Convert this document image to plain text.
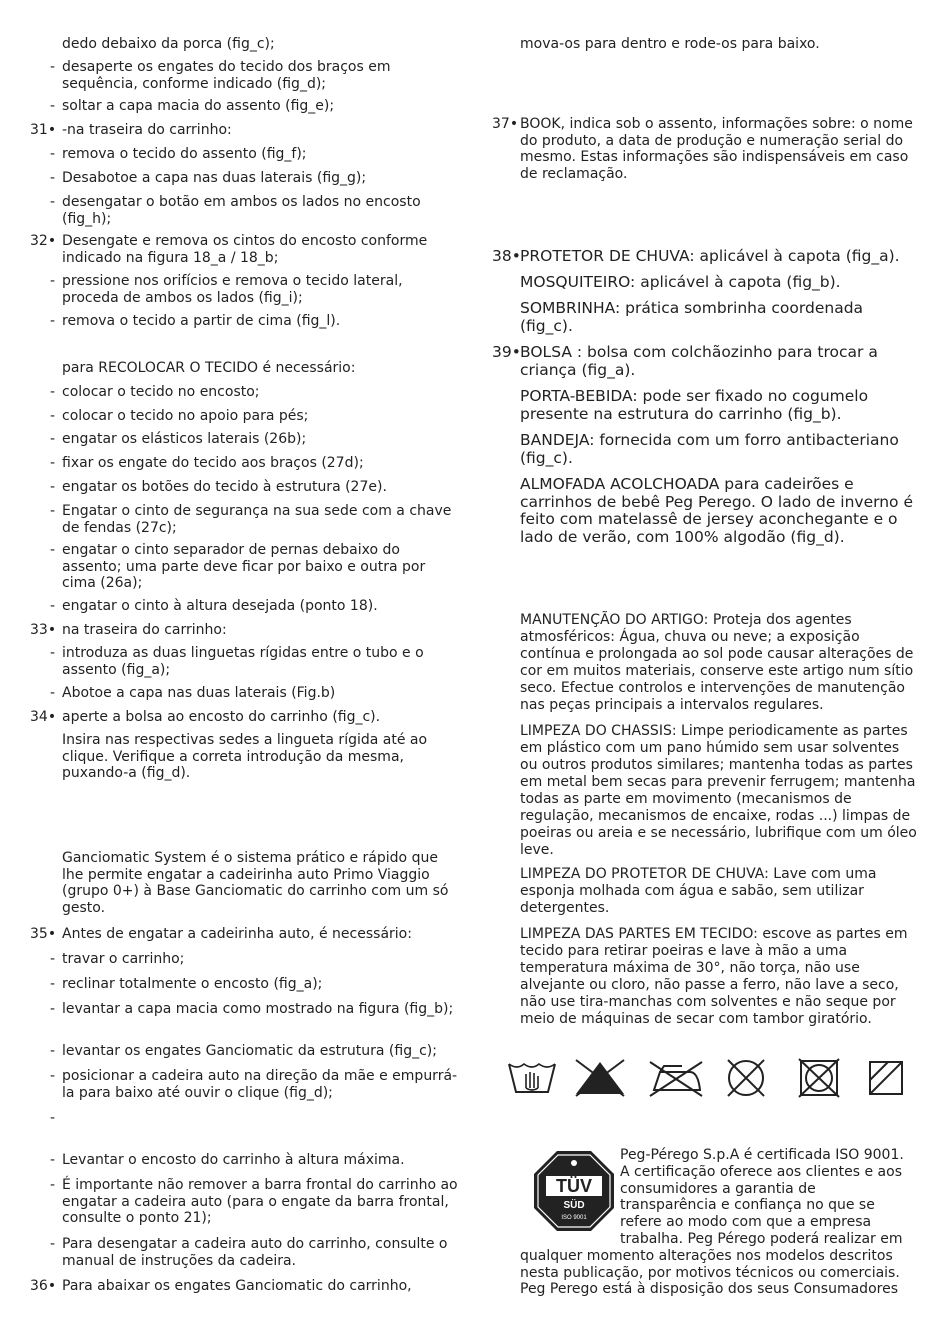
dedo debaixo da porca (fig_c);
- desaperte os engates do tecido dos braços em sequência, conforme indicado (fig_d);
- soltar a capa macia do assento (fig_e);
31• -na traseira do carrinho:
- remova o tecido do assento (fig_f);
- Desabotoe a capa nas duas laterais (fig_g);
- desengatar o botão em ambos os lados no encosto (fig_h);
32• Desengate e remova os cintos do encosto conforme indicado na figura 18_a / 18_b;
- pressione nos orifícios e remova o tecido lateral, proceda de ambos os lados (fig_i);
- remova o tecido a partir de cima (fig_l).
para RECOLOCAR O TECIDO é necessário:
- colocar o tecido no encosto;
- colocar o tecido no apoio para pés;
- engatar os elásticos laterais (26b);
- fixar os engate do tecido aos braços (27d);
- engatar os botões do tecido à estrutura (27e).
- Engatar o cinto de segurança na sua sede com a chave de fendas (27c);
- engatar o cinto separador de pernas debaixo do assento; uma parte deve ficar por baixo e outra por cima (26a);
- engatar o cinto à altura desejada (ponto 18).
33• na traseira do carrinho:
- introduza as duas linguetas rígidas entre o tubo e o assento (fig_a);
- Abotoe a capa nas duas laterais (Fig.b)
34• aperte a bolsa ao encosto do carrinho (fig_c).
Insira nas respectivas sedes a lingueta rígida até ao clique. Verifique a correta introdução da mesma, puxando-a (fig_d).
Ganciomatic System é o sistema prático e rápido que lhe permite engatar a cadeirinha auto Primo Viaggio (grupo 0+) à Base Ganciomatic do carrinho com um só gesto.
35• Antes de engatar a cadeirinha auto, é necessário:
- travar o carrinho;
- reclinar totalmente o encosto (fig_a);
- levantar a capa macia como mostrado na figura (fig_b);
- levantar os engates Ganciomatic da estrutura (fig_c);
- posicionar a cadeira auto na direção da mãe e empurrá-la para baixo até ouvir o clique (fig_d);
-
- Levantar o encosto do carrinho à altura máxima.
- É importante não remover a barra frontal do carrinho ao engatar a cadeira auto (para o engate da barra frontal, consulte o ponto 21);
- Para desengatar a cadeira auto do carrinho, consulte o manual de instruções da cadeira.
36• Para abaixar os engates Ganciomatic do carrinho,
mova-os para dentro e rode-os para baixo.
37• BOOK, indica sob o assento, informações sobre: o nome do produto, a data de produção e numeração serial do mesmo. Estas informações são indispensáveis em caso de reclamação.
38• PROTETOR DE CHUVA: aplicável à capota (fig_a).
MOSQUITEIRO: aplicável à capota (fig_b).
SOMBRINHA: prática sombrinha coordenada (fig_c).
39• BOLSA : bolsa com colchãozinho para trocar a criança (fig_a).
PORTA-BEBIDA: pode ser fixado no cogumelo presente na estrutura do carrinho (fig_b).
BANDEJA: fornecida com um forro antibacteriano (fig_c).
ALMOFADA ACOLCHOADA para cadeirões e carrinhos de bebê Peg Perego. O lado de inverno é feito com matelassê de jersey aconchegante e o lado de verão, com 100% algodão (fig_d).
MANUTENÇÃO DO ARTIGO: Proteja dos agentes atmosféricos: Água, chuva ou neve; a exposição contínua e prolongada ao sol pode causar alterações de cor em muitos materiais, conserve este artigo num sítio seco. Efectue controlos e intervenções de manutenção nas peças principais a intervalos regulares.
LIMPEZA DO CHASSIS: Limpe periodicamente as partes em plástico com um pano húmido sem usar solventes ou outros produtos similares; mantenha todas as partes em metal bem secas para prevenir ferrugem; mantenha todas as parte em movimento (mecanismos de regulação, mecanismos de encaixe, rodas ...) limpas de poeiras ou areia e se necessário, lubrifique com um óleo leve.
LIMPEZA DO PROTETOR DE CHUVA: Lave com uma esponja molhada com água e sabão, sem utilizar detergentes.
LIMPEZA DAS PARTES EM TECIDO: escove as partes em tecido para retirar poeiras e lave à mão a uma temperatura máxima de 30°, não torça, não use alvejante ou cloro, não passe a ferro, não lave a seco, não use tira-manchas com solventes e não seque por meio de máquinas de secar com tambor giratório.
TÜV
SÜD
ISO 9001
Peg-Pérego S.p.A é certificada ISO 9001. A certificação oferece aos clientes e aos consumidores a garantia de transparência e confiança no que se refere ao modo com que a empresa trabalha. Peg Pérego poderá realizar em qualquer momento alterações nos modelos descritos nesta publicação, por motivos técnicos ou comerciais. Peg Perego está à disposição dos seus Consumadores
